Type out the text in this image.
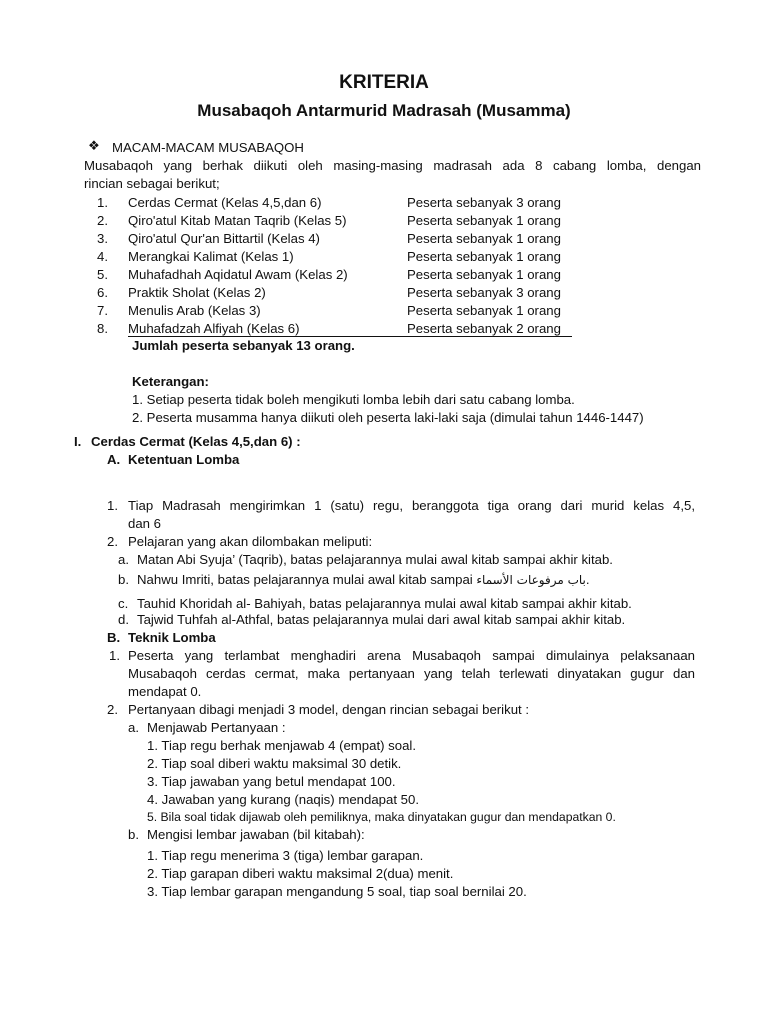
KRITERIA
Musabaqoh Antarmurid Madrasah (Musamma)
❖ MACAM-MACAM MUSABAQOH
Musabaqoh yang berhak diikuti oleh masing-masing madrasah ada 8 cabang lomba, dengan
rincian sebagai berikut;
1. Cerdas Cermat (Kelas 4,5,dan 6)	Peserta sebanyak 3 orang
2. Qiro'atul Kitab Matan Taqrib (Kelas 5)	Peserta sebanyak 1 orang
3. Qiro'atul Qur'an Bittartil (Kelas 4)	Peserta sebanyak 1 orang
4. Merangkai Kalimat (Kelas 1)	Peserta sebanyak 1 orang
5. Muhafadhah Aqidatul Awam (Kelas 2)	Peserta sebanyak 1 orang
6. Praktik Sholat (Kelas 2)	Peserta sebanyak 3 orang
7. Menulis Arab (Kelas 3)	Peserta sebanyak 1 orang
8. Muhafadzah Alfiyah (Kelas 6)	Peserta sebanyak 2 orang
Jumlah peserta sebanyak 13 orang.
Keterangan:
1. Setiap peserta tidak boleh mengikuti lomba lebih dari satu cabang lomba.
2. Peserta musamma hanya diikuti oleh peserta laki-laki saja (dimulai tahun 1446-1447)
I. Cerdas Cermat (Kelas 4,5,dan 6) :
A. Ketentuan Lomba
1. Tiap Madrasah mengirimkan 1 (satu) regu, beranggota tiga orang dari murid kelas 4,5,
dan 6
2. Pelajaran yang akan dilombakan meliputi:
a. Matan Abi Syuja’ (Taqrib), batas pelajarannya mulai awal kitab sampai akhir kitab.
b. Nahwu Imriti, batas pelajarannya mulai awal kitab sampai باب مرفوعات الأسماء.
c. Tauhid Khoridah al- Bahiyah, batas pelajarannya mulai awal kitab sampai akhir kitab.
d. Tajwid Tuhfah al-Athfal, batas pelajarannya mulai dari awal kitab sampai akhir kitab.
B. Teknik Lomba
1. Peserta yang terlambat menghadiri arena Musabaqoh sampai dimulainya pelaksanaan
Musabaqoh cerdas cermat, maka pertanyaan yang telah terlewati dinyatakan gugur dan
mendapat 0.
2. Pertanyaan dibagi menjadi 3 model, dengan rincian sebagai berikut :
a. Menjawab Pertanyaan :
1. Tiap regu berhak menjawab 4 (empat) soal.
2. Tiap soal diberi waktu maksimal 30 detik.
3. Tiap jawaban yang betul mendapat 100.
4. Jawaban yang kurang (naqis) mendapat 50.
5. Bila soal tidak dijawab oleh pemiliknya, maka dinyatakan gugur dan mendapatkan 0.
b. Mengisi lembar jawaban (bil kitabah):
1. Tiap regu menerima 3 (tiga) lembar garapan.
2. Tiap garapan diberi waktu maksimal 2(dua) menit.
3. Tiap lembar garapan mengandung 5 soal, tiap soal bernilai 20.
